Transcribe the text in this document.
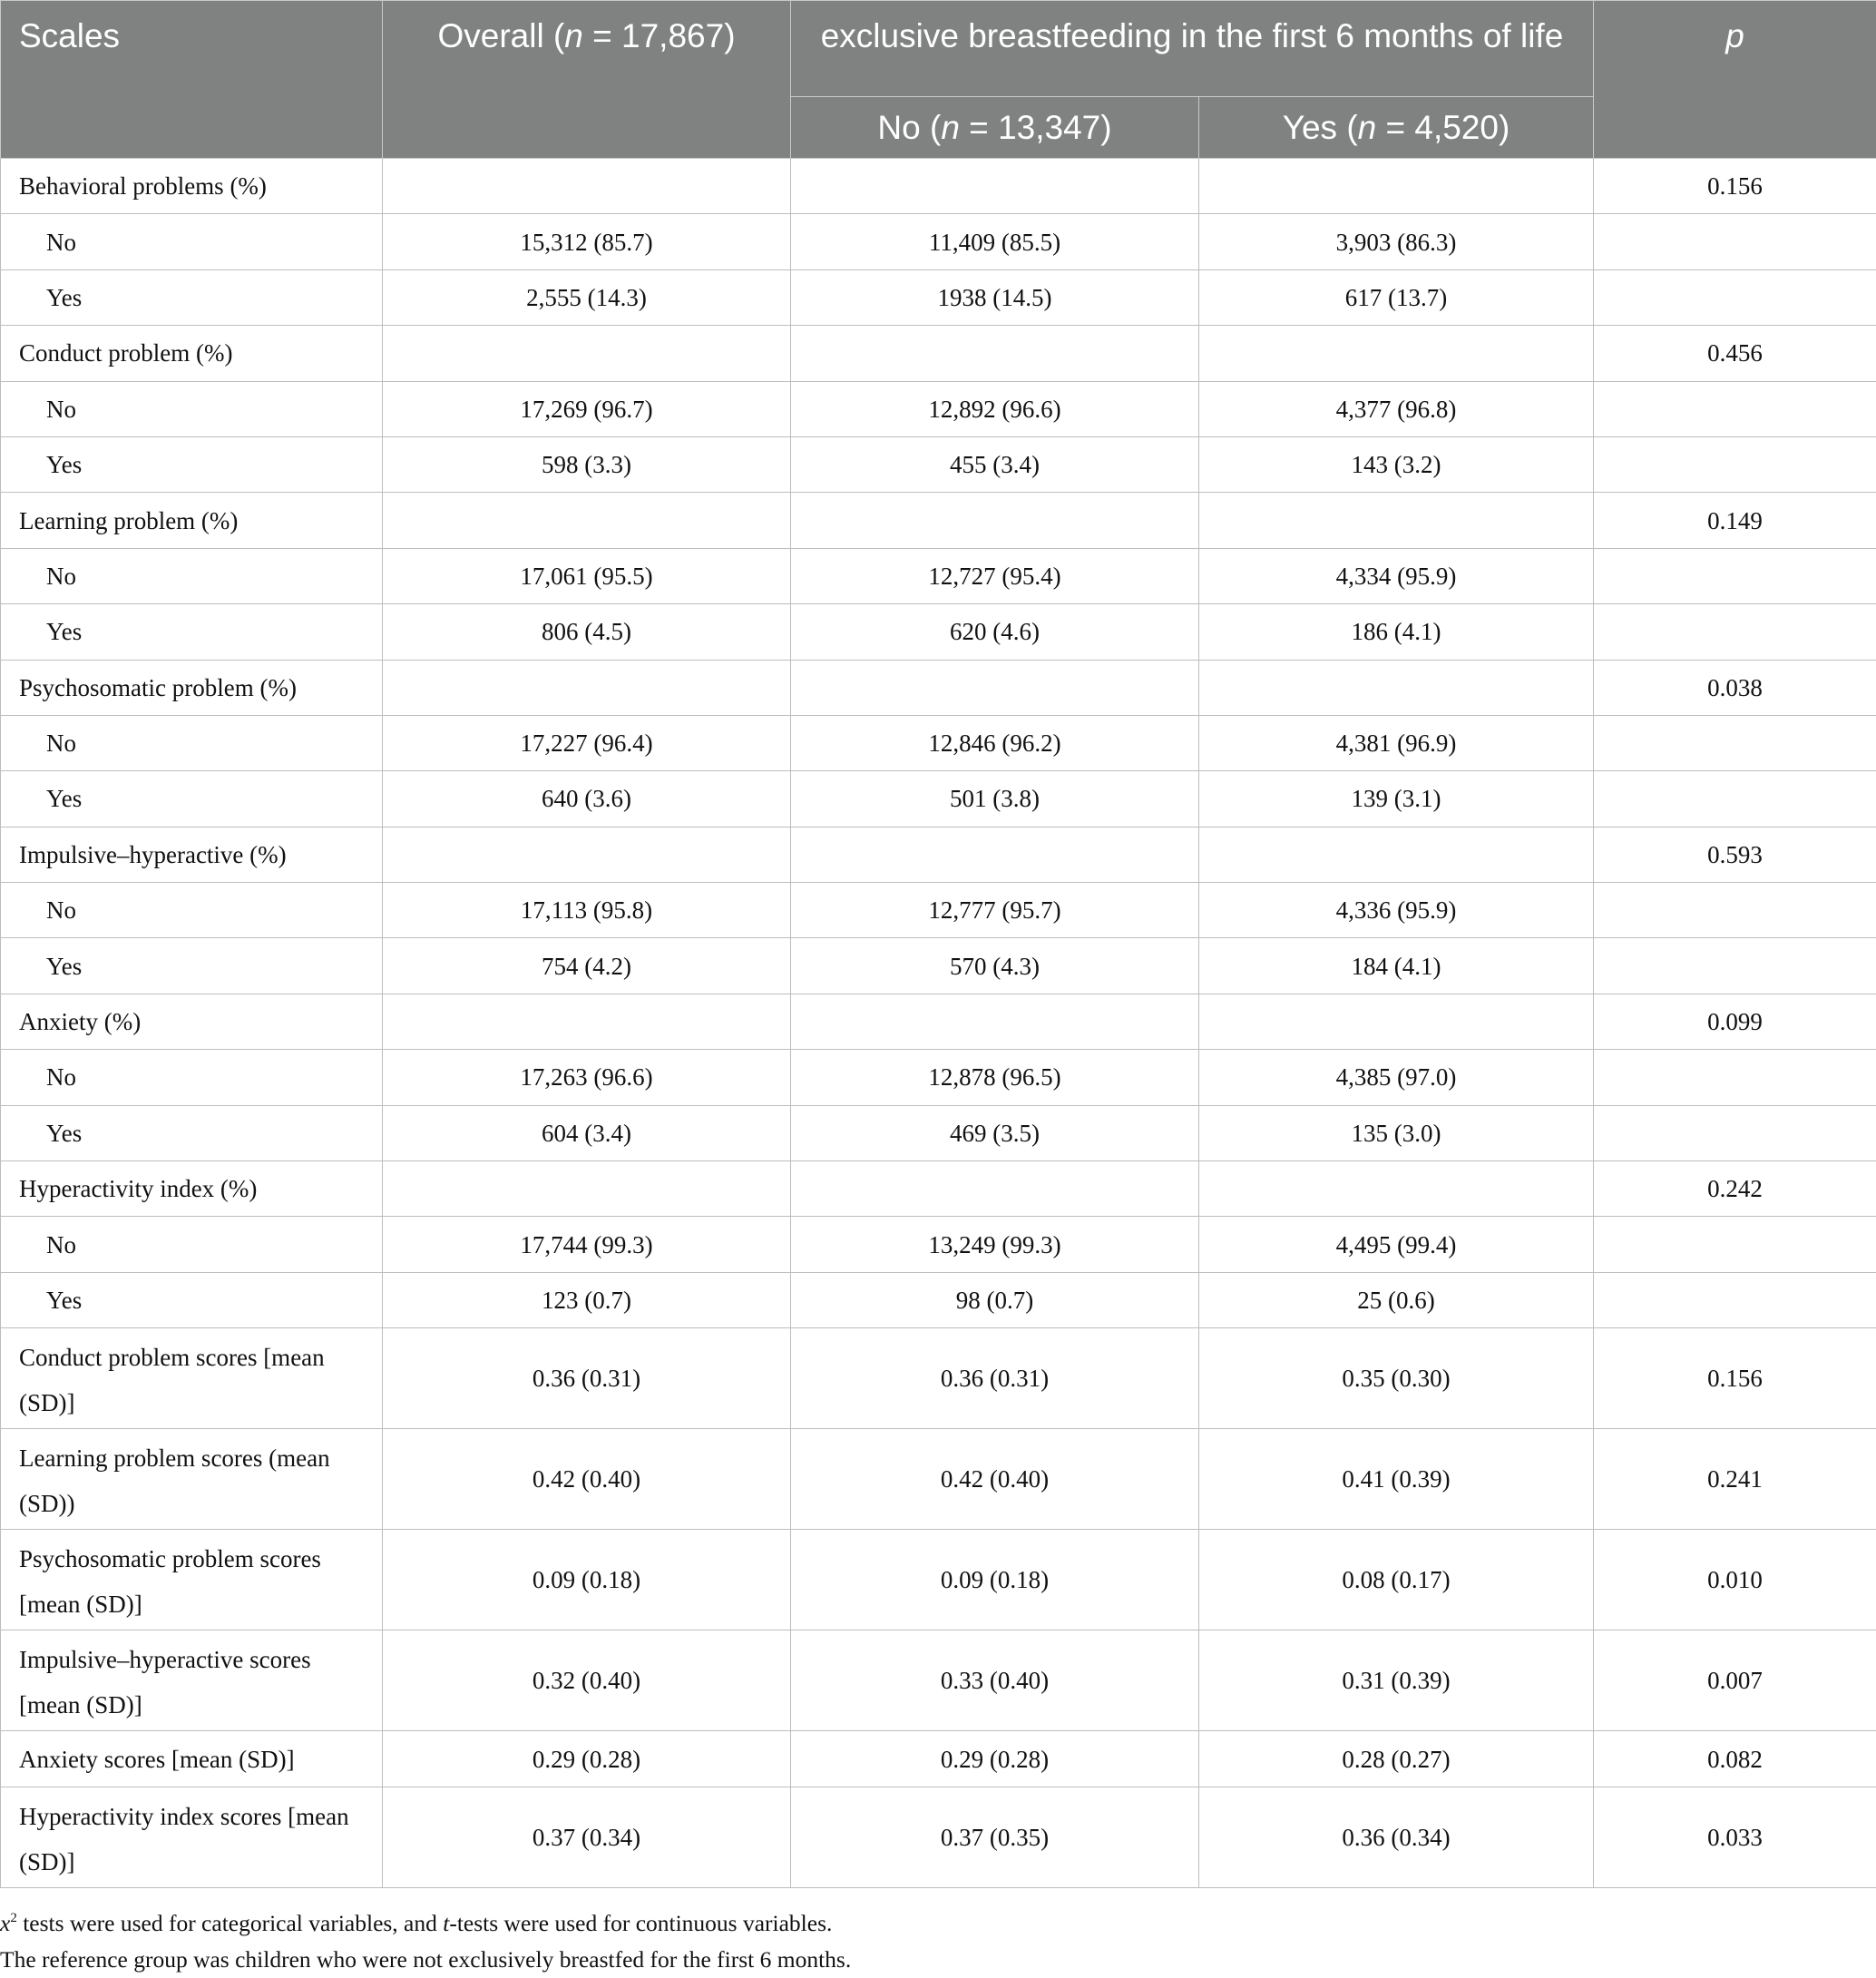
Scales	Overall (n = 17,867)	exclusive breastfeeding in the first 6 months of life		p
		No (n = 13,347)	Yes (n = 4,520)	
Behavioral problems (%)				0.156
No	15,312 (85.7)	11,409 (85.5)	3,903 (86.3)	
Yes	2,555 (14.3)	1938 (14.5)	617 (13.7)	
Conduct problem (%)				0.456
No	17,269 (96.7)	12,892 (96.6)	4,377 (96.8)	
Yes	598 (3.3)	455 (3.4)	143 (3.2)	
Learning problem (%)				0.149
No	17,061 (95.5)	12,727 (95.4)	4,334 (95.9)	
Yes	806 (4.5)	620 (4.6)	186 (4.1)	
Psychosomatic problem (%)				0.038
No	17,227 (96.4)	12,846 (96.2)	4,381 (96.9)	
Yes	640 (3.6)	501 (3.8)	139 (3.1)	
Impulsive–hyperactive (%)				0.593
No	17,113 (95.8)	12,777 (95.7)	4,336 (95.9)	
Yes	754 (4.2)	570 (4.3)	184 (4.1)	
Anxiety (%)				0.099
No	17,263 (96.6)	12,878 (96.5)	4,385 (97.0)	
Yes	604 (3.4)	469 (3.5)	135 (3.0)	
Hyperactivity index (%)				0.242
No	17,744 (99.3)	13,249 (99.3)	4,495 (99.4)	
Yes	123 (0.7)	98 (0.7)	25 (0.6)	
Conduct problem scores [mean (SD)]	0.36 (0.31)	0.36 (0.31)	0.35 (0.30)	0.156
Learning problem scores (mean (SD))	0.42 (0.40)	0.42 (0.40)	0.41 (0.39)	0.241
Psychosomatic problem scores [mean (SD)]	0.09 (0.18)	0.09 (0.18)	0.08 (0.17)	0.010
Impulsive–hyperactive scores [mean (SD)]	0.32 (0.40)	0.33 (0.40)	0.31 (0.39)	0.007
Anxiety scores [mean (SD)]	0.29 (0.28)	0.29 (0.28)	0.28 (0.27)	0.082
Hyperactivity index scores [mean (SD)]	0.37 (0.34)	0.37 (0.35)	0.36 (0.34)	0.033
$x^2$ tests were used for categorical variables, and t-tests were used for continuous variables.
The reference group was children who were not exclusively breastfed for the first 6 months.
